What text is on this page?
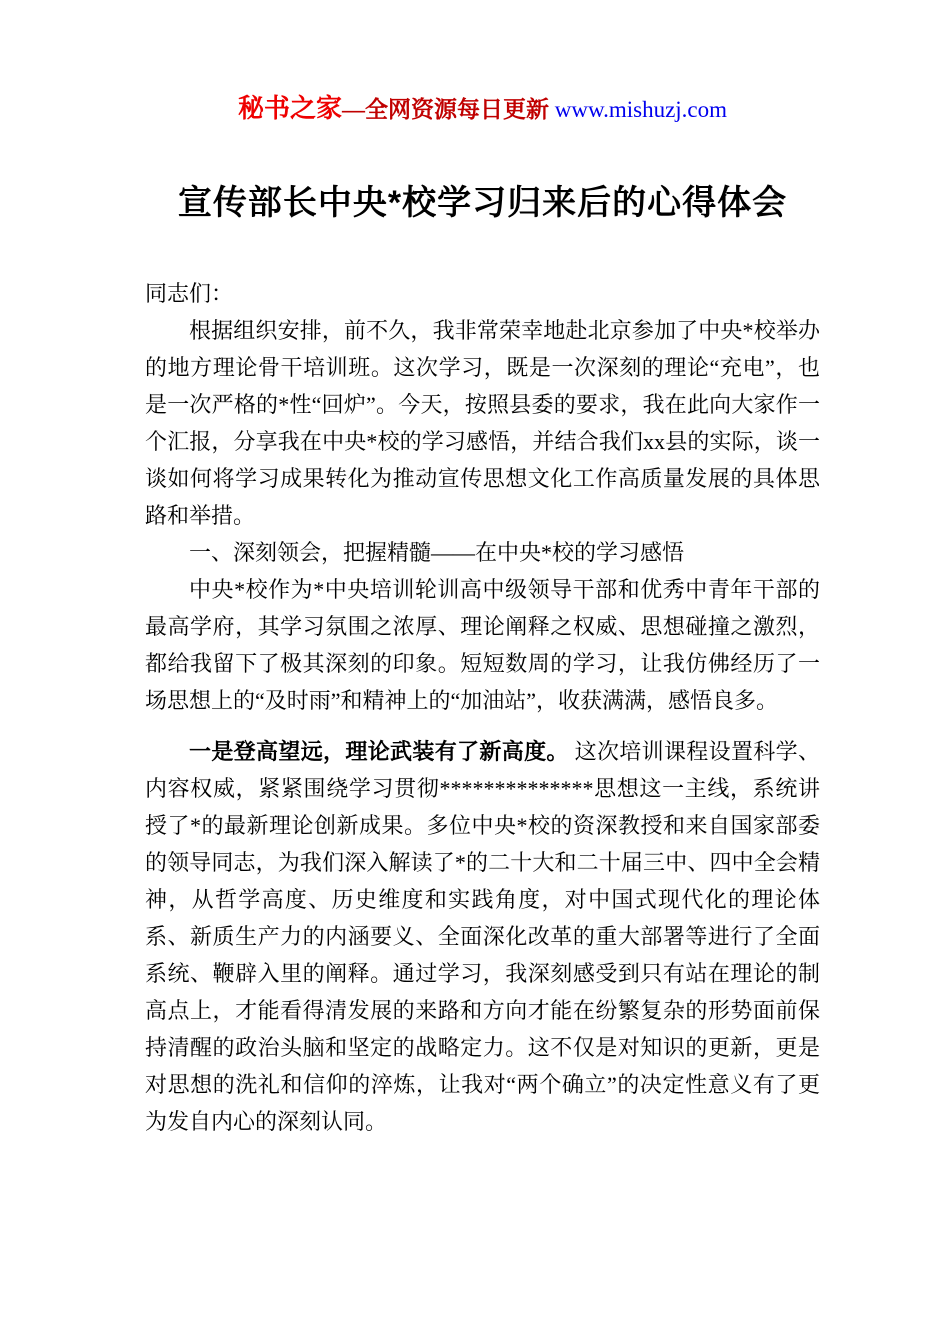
秘书之家—全网资源每日更新 www.mishuzj.com
宣传部长中央*校学习归来后的心得体会

同志们：

根据组织安排，前不久，我非常荣幸地赴北京参加了中央*校举办的地方理论骨干培训班。这次学习，既是一次深刻的理论“充电”，也是一次严格的*性“回炉”。今天，按照县委的要求，我在此向大家作一个汇报，分享我在中央*校的学习感悟，并结合我们xx县的实际，谈一谈如何将学习成果转化为推动宣传思想文化工作高质量发展的具体思路和举措。

一、深刻领会，把握精髓——在中央*校的学习感悟

中央*校作为*中央培训轮训高中级领导干部和优秀中青年干部的最高学府，其学习氛围之浓厚、理论阐释之权威、思想碰撞之激烈，都给我留下了极其深刻的印象。短短数周的学习，让我仿佛经历了一场思想上的“及时雨”和精神上的“加油站”，收获满满，感悟良多。

一是登高望远，理论武装有了新高度。 这次培训课程设置科学、内容权威，紧紧围绕学习贯彻**************思想这一主线，系统讲授了*的最新理论创新成果。多位中央*校的资深教授和来自国家部委的领导同志，为我们深入解读了*的二十大和二十届三中、四中全会精神，从哲学高度、历史维度和实践角度，对中国式现代化的理论体系、新质生产力的内涵要义、全面深化改革的重大部署等进行了全面系统、鞭辟入里的阐释。通过学习，我深刻感受到只有站在理论的制高点上，才能看得清发展的来路和方向才能在纷繁复杂的形势面前保持清醒的政治头脑和坚定的战略定力。这不仅是对知识的更新，更是对思想的洗礼和信仰的淬炼，让我对“两个确立”的决定性意义有了更为发自内心的深刻认同。
